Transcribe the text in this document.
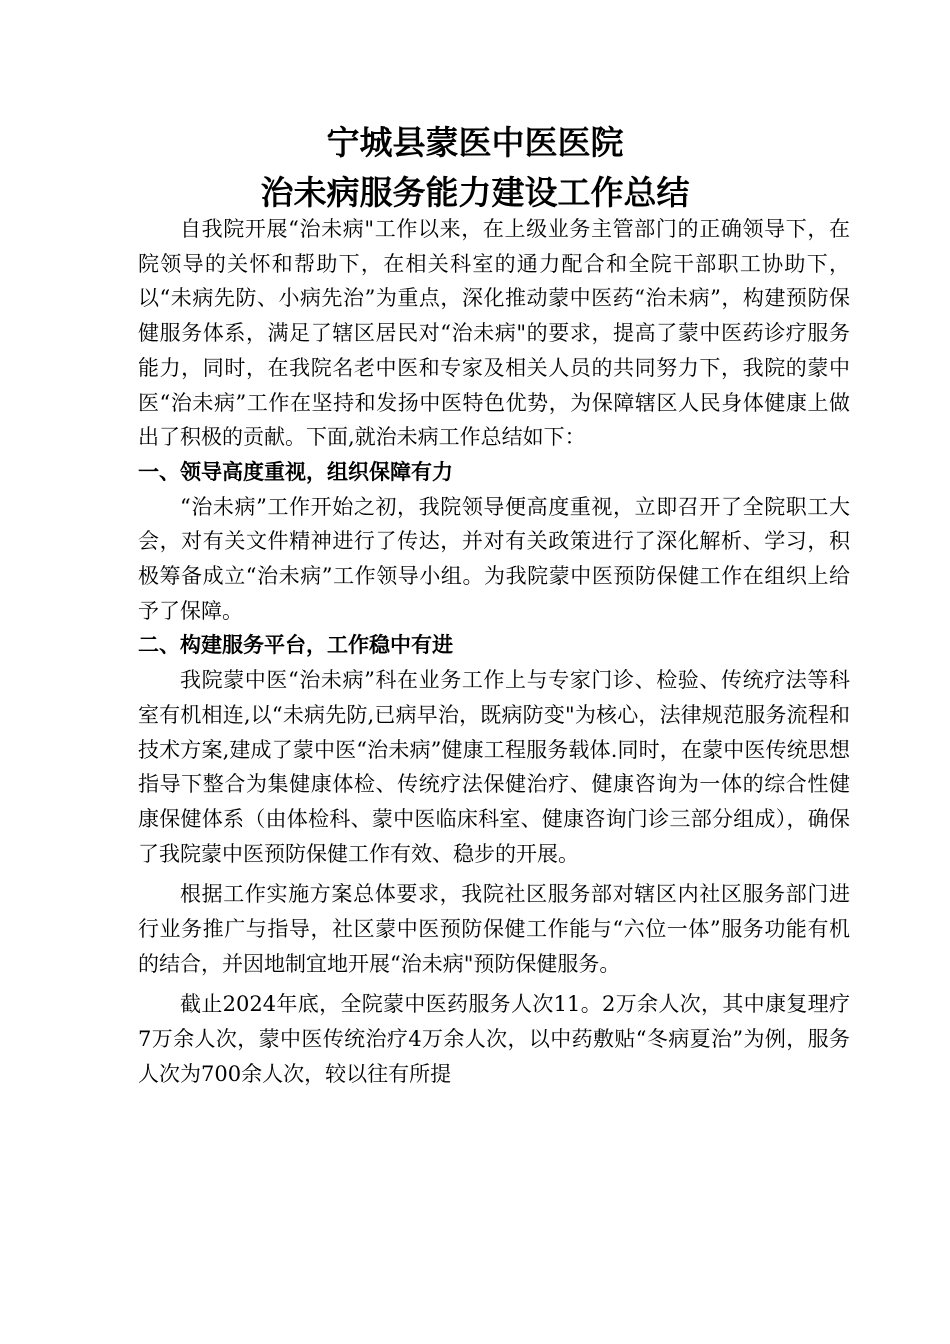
宁城县蒙医中医医院

治未病服务能力建设工作总结

自我院开展“治未病"工作以来，在上级业务主管部门的正确领导下，在院领导的关怀和帮助下，在相关科室的通力配合和全院干部职工协助下，以“未病先防、小病先治”为重点，深化推动蒙中医药“治未病”，构建预防保健服务体系，满足了辖区居民对“治未病"的要求，提高了蒙中医药诊疗服务能力，同时，在我院名老中医和专家及相关人员的共同努力下，我院的蒙中医“治未病”工作在坚持和发扬中医特色优势，为保障辖区人民身体健康上做出了积极的贡献。下面,就治未病工作总结如下：

一、领导高度重视，组织保障有力

“治未病”工作开始之初，我院领导便高度重视，立即召开了全院职工大会，对有关文件精神进行了传达，并对有关政策进行了深化解析、学习，积极筹备成立“治未病”工作领导小组。为我院蒙中医预防保健工作在组织上给予了保障。

二、构建服务平台，工作稳中有进

我院蒙中医“治未病”科在业务工作上与专家门诊、检验、传统疗法等科室有机相连,以“未病先防,已病早治，既病防变"为核心，法律规范服务流程和技术方案,建成了蒙中医“治未病”健康工程服务载体.同时，在蒙中医传统思想指导下整合为集健康体检、传统疗法保健治疗、健康咨询为一体的综合性健康保健体系（由体检科、蒙中医临床科室、健康咨询门诊三部分组成），确保了我院蒙中医预防保健工作有效、稳步的开展。

根据工作实施方案总体要求，我院社区服务部对辖区内社区服务部门进行业务推广与指导，社区蒙中医预防保健工作能与“六位一体”服务功能有机的结合，并因地制宜地开展“治未病"预防保健服务。

截止2024年底，全院蒙中医药服务人次11。2万余人次，其中康复理疗7万余人次，蒙中医传统治疗4万余人次，以中药敷贴“冬病夏治”为例，服务人次为700余人次，较以往有所提
